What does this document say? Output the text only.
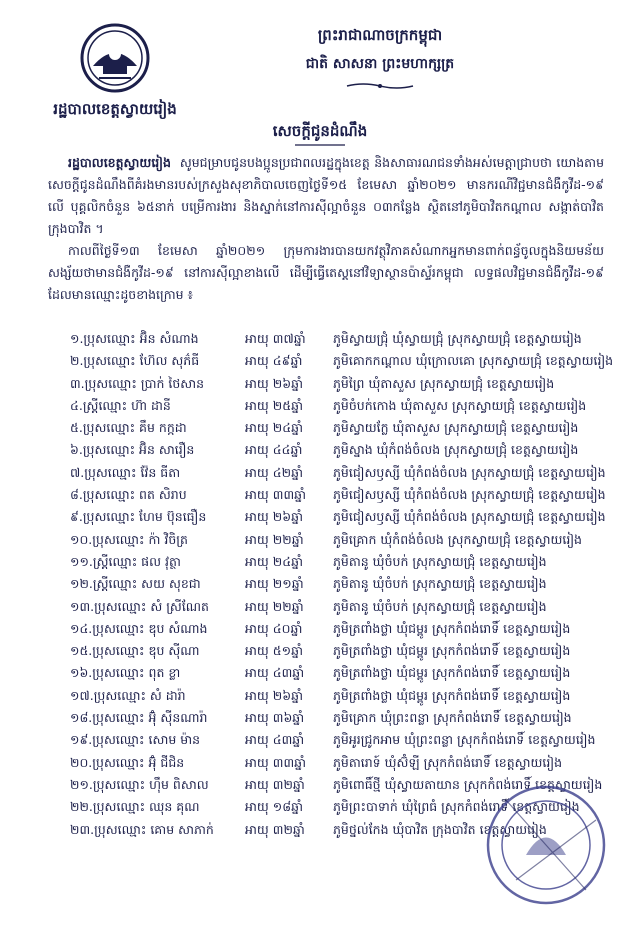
រដ្ឋបាលខេត្តស្វាយរៀង
ព្រះរាជាណាចក្រកម្ពុជា
ជាតិ សាសនា ព្រះមហាក្សត្រ
សេចក្តីជូនដំណឹង

រដ្ឋបាលខេត្តស្វាយរៀង សូមជម្រាបជូនបងប្អូនប្រជាពលរដ្ឋក្នុងខេត្ត និងសាធារណជនទាំងអស់មេត្តាជ្រាបថា យោងតាមសេចក្តីជូនដំណឹងពីគំរងមានរបស់ក្រសួងសុខាភិបាលចេញថ្ងៃទី១៥ ខែមេសា ឆ្នាំ២០២១ មានករណីវិជ្ជមានជំងឺកូវីដ-១៩ លើ បុគ្គលិកចំនួន ៦៥នាក់ បម្រើការងារ និងស្នាក់នៅការសុីល្អាចំនួន ០៣កន្លែង ស្ថិតនៅភូមិបាវិតកណ្តាល សង្កាត់បាវិត ក្រុងបាវិត ។

កាលពីថ្ងៃទី១៣ ខែមេសា ឆ្នាំ២០២១ ក្រុមការងារបានយកវត្ថុវិភាគសំណាកអ្នកមានពាក់ពន្ធ័ចូលក្នុងនិយមន័យ សង្ស័យថាមានជំងឺកូវីដ-១៩ នៅការសុីល្អាខាងលើ ដើម្បីធ្វើតេស្តនៅវិទ្យាស្ថានប៉ាស្ទ័រកម្ពុជា លទ្ធផលវិជ្ជមានជំងឺកូវីដ-១៩ ដែលមានឈ្មោះដូចខាងក្រោម ៖

១.ប្រុសឈ្មោះ អ៊ិន សំណាង	អាយុ ៣៧ឆ្នាំ	ភូមិស្វាយជ្រុំ ឃុំស្វាយជ្រុំ ស្រុកស្វាយជ្រុំ ខេត្តស្វាយរៀង
២.ប្រុសឈ្មោះ ហ៊ែល សុភ៌ធី	អាយុ ៤៩ឆ្នាំ	ភូមិគោកកណ្តាល ឃុំក្រោលគោ ស្រុកស្វាយជ្រុំ ខេត្តស្វាយរៀង
៣.ប្រុសឈ្មោះ ប្រាក់ ថៃសាន	អាយុ ២៦ឆ្នាំ	ភូមិព្រៃ ឃុំតាសួស ស្រុកស្វាយជ្រុំ ខេត្តស្វាយរៀង
៤.ស្រ្តីឈ្មោះ ហ៊ា ដានី	អាយុ ២៥ឆ្នាំ	ភូមិចំបក់កោង ឃុំតាសួស ស្រុកស្វាយជ្រុំ ខេត្តស្វាយរៀង
៥.ប្រុសឈ្មោះ គឹម កក្កដា	អាយុ ២៤ឆ្នាំ	ភូមិស្វាយក្លែ ឃុំតាសួស ស្រុកស្វាយជ្រុំ ខេត្តស្វាយរៀង
៦.ប្រុសឈ្មោះ អ៊ិន សារឿន	អាយុ ៤៤ឆ្នាំ	ភូមិស្នាង ឃុំកំពង់ចំលង ស្រុកស្វាយជ្រុំ ខេត្តស្វាយរៀង
៧.ប្រុសឈ្មោះ វ៉ែន ធីតា	អាយុ ៤២ឆ្នាំ	ភូមិជៀសឫស្សី ឃុំកំពង់ចំលង ស្រុកស្វាយជ្រុំ ខេត្តស្វាយរៀង
៨.ប្រុសឈ្មោះ ពត សិរាប	អាយុ ៣៣ឆ្នាំ	ភូមិជៀសឫស្សី ឃុំកំពង់ចំលង ស្រុកស្វាយជ្រុំ ខេត្តស្វាយរៀង
៩.ប្រុសឈ្មោះ ហែម ប៊ុនធឿន	អាយុ ២៦ឆ្នាំ	ភូមិជៀសឫស្សី ឃុំកំពង់ចំលង ស្រុកស្វាយជ្រុំ ខេត្តស្វាយរៀង
១០.ប្រុសឈ្មោះ ក៉ា វិចិត្រ	អាយុ ២២ឆ្នាំ	ភូមិគ្រោក ឃុំកំពង់ចំលង ស្រុកស្វាយជ្រុំ ខេត្តស្វាយរៀង
១១.ស្រ្តីឈ្មោះ ផល វុត្ថា	អាយុ ២៤ឆ្នាំ	ភូមិតានូ ឃុំចំបក់ ស្រុកស្វាយជ្រុំ ខេត្តស្វាយរៀង
១២.ស្រ្តីឈ្មោះ សយ សុខជា	អាយុ ២១ឆ្នាំ	ភូមិតានូ ឃុំចំបក់ ស្រុកស្វាយជ្រុំ ខេត្តស្វាយរៀង
១៣.ប្រុសឈ្មោះ សំ ស្រីណែត	អាយុ ២២ឆ្នាំ	ភូមិតានូ ឃុំចំបក់ ស្រុកស្វាយជ្រុំ ខេត្តស្វាយរៀង
១៤.ប្រុសឈ្មោះ ឌុប សំណាង	អាយុ ៤០ឆ្នាំ	ភូមិត្រពាំងថ្លា ឃុំជម្ពូរ ស្រុកកំពង់រោទិ៍ ខេត្តស្វាយរៀង
១៥.ប្រុសឈ្មោះ ឌុប ស៊ីណា	អាយុ ៥១ឆ្នាំ	ភូមិត្រពាំងថ្លា ឃុំជម្ពូរ ស្រុកកំពង់រោទិ៍ ខេត្តស្វាយរៀង
១៦.ប្រុសឈ្មោះ ពុត ខ្លា	អាយុ ៤៣ឆ្នាំ	ភូមិត្រពាំងថ្លា ឃុំជម្ពូរ ស្រុកកំពង់រោទិ៍ ខេត្តស្វាយរៀង
១៧.ប្រុសឈ្មោះ សំ ដារ៉ា	អាយុ ២៦ឆ្នាំ	ភូមិត្រពាំងថ្លា ឃុំជម្ពូរ ស្រុកកំពង់រោទិ៍ ខេត្តស្វាយរៀង
១៨.ប្រុសឈ្មោះ អ៊ុំ ស៊ីនណារ៉ា	អាយុ ៣៦ឆ្នាំ	ភូមិគ្រោក ឃុំព្រះពន្លា ស្រុកកំពង់រោទិ៍ ខេត្តស្វាយរៀង
១៩.ប្រុសឈ្មោះ សោម ម៉ាន	អាយុ ៤៣ឆ្នាំ	ភូមិអូរជ្រូកអាម ឃុំព្រះពន្លា ស្រុកកំពង់រោទិ៍ ខេត្តស្វាយរៀង
២០.ប្រុសឈ្មោះ អ៊ុំ ជីជិន	អាយុ ៣៣ឆ្នាំ	ភូមិតារោទ៍ ឃុំស៊ំឡី ស្រុកកំពង់រោទិ៍ ខេត្តស្វាយរៀង
២១.ប្រុសឈ្មោះ ហ៊ឹម ពិសាល	អាយុ ៣២ឆ្នាំ	ភូមិពោធិ៍ថ្មី ឃុំស្វាយតាយាន ស្រុកកំពង់រោទិ៍ ខេត្តស្វាយរៀង
២២.ប្រុសឈ្មោះ ឈុន គុណ	អាយុ ១៨ឆ្នាំ	ភូមិព្រះបាទាក់ ឃុំព្រៃធំ ស្រុកកំពង់រោទិ៍ ខេត្តស្វាយរៀង
២៣.ប្រុសឈ្មោះ គោម សាភាក់	អាយុ ៣២ឆ្នាំ	ភូមិថ្នល់កែង ឃុំបាវិត ក្រុងបាវិត ខេត្តស្វាយរៀង
